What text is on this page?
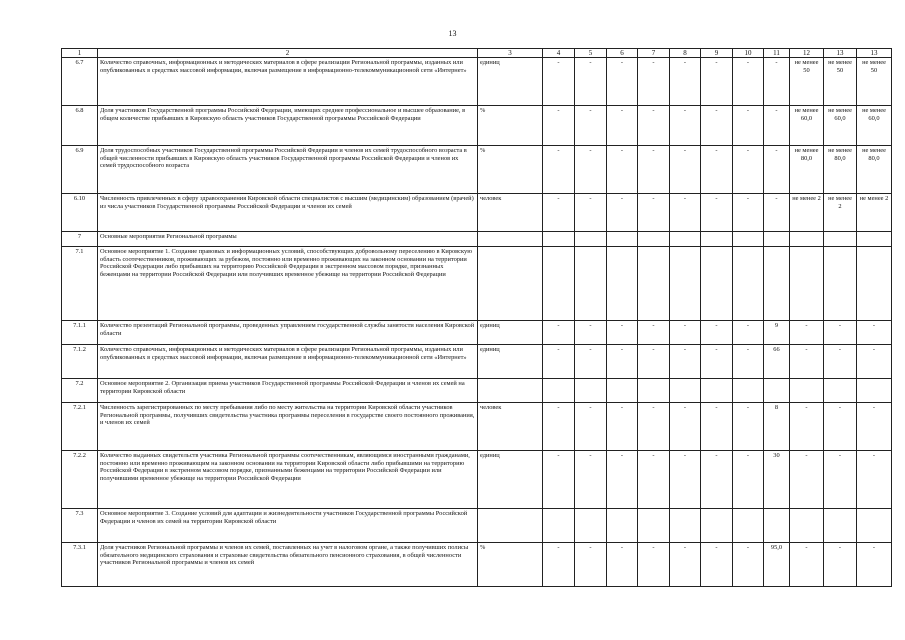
13
1	2	3	4	5	6	7	8	9	10	11	12	13	13
6.7	Количество справочных, информационных и методических материалов в сфере реализации Региональной программы, изданных или опубликованных в средствах массовой информации, включая размещение в информационно-телекоммуникационной сети «Интернет»	единиц	-	-	-	-	-	-	-	-	не менее 50	не менее 50	не менее 50
6.8	Доля участников Государственной программы Российской Федерации, имеющих среднее профессиональное и высшее образование, в общем количестве прибывших в Кировскую область участников Государственной программы Российской Федерации	%	-	-	-	-	-	-	-	-	не менее 60,0	не менее 60,0	не менее 60,0
6.9	Доля трудоспособных участников Государственной программы Российской Федерации и членов их семей трудоспособного возраста в общей численности прибывших в Кировскую область участников Государственной программы Российской Федерации и членов их семей трудоспособного возраста	%	-	-	-	-	-	-	-	-	не менее 80,0	не менее 80,0	не менее 80,0
6.10	Численность привлеченных в сферу здравоохранения Кировской области специалистов с высшим (медицинским) образованием (врачей) из числа участников Государственной программы Российской Федерации и членов их семей	человек	-	-	-	-	-	-	-	-	не менее 2	не менее 2	не менее 2
7	Основные мероприятия Региональной программы												
7.1	Основное мероприятие 1. Создание правовых и информационных условий, способствующих добровольному переселению в Кировскую область соотечественников, проживающих за рубежом, постоянно или временно проживающих на законном основании на территории Российской Федерации либо прибывших на территорию Российской Федерации в экстренном массовом порядке, признанных беженцами на территории Российской Федерации или получивших временное убежище на территории Российской Федерации												
7.1.1	Количество презентаций Региональной программы, проведенных управлением государственной службы занятости населения Кировской области	единиц	-	-	-	-	-	-	-	9	-	-	-
7.1.2	Количество справочных, информационных и методических материалов в сфере реализации Региональной программы, изданных или опубликованных в средствах массовой информации, включая размещение в информационно-телекоммуникационной сети «Интернет»	единиц	-	-	-	-	-	-	-	66	-	-	-
7.2	Основное мероприятие 2. Организация приема участников Государственной программы Российской Федерации и членов их семей на территории Кировской области												
7.2.1	Численность зарегистрированных по месту пребывания либо по месту жительства на территории Кировской области участников Региональной программы, получивших свидетельства участника программы переселения в государстве своего постоянного проживания, и членов их семей	человек	-	-	-	-	-	-	-	8	-	-	-
7.2.2	Количество выданных свидетельств участника Региональной программы соотечественникам, являющимся иностранными гражданами, постоянно или временно проживающим на законном основании на территории Кировской области либо прибывшими на территорию Российской Федерации в экстренном массовом порядке, признанными беженцами на территории Российской Федерации или получившими временное убежище на территории Российской Федерации	единиц	-	-	-	-	-	-	-	30	-	-	-
7.3	Основное мероприятие 3. Создание условий для адаптации и жизнедеятельности участников Государственной программы Российской Федерации и членов их семей на территории Кировской области												
7.3.1	Доля участников Региональной программы и членов их семей, поставленных на учет в налоговом органе, а также получивших полисы обязательного медицинского страхования и страховые свидетельства обязательного пенсионного страхования, в общей численности участников Региональной программы и членов их семей	%	-	-	-	-	-	-	-	95,0	-	-	-
